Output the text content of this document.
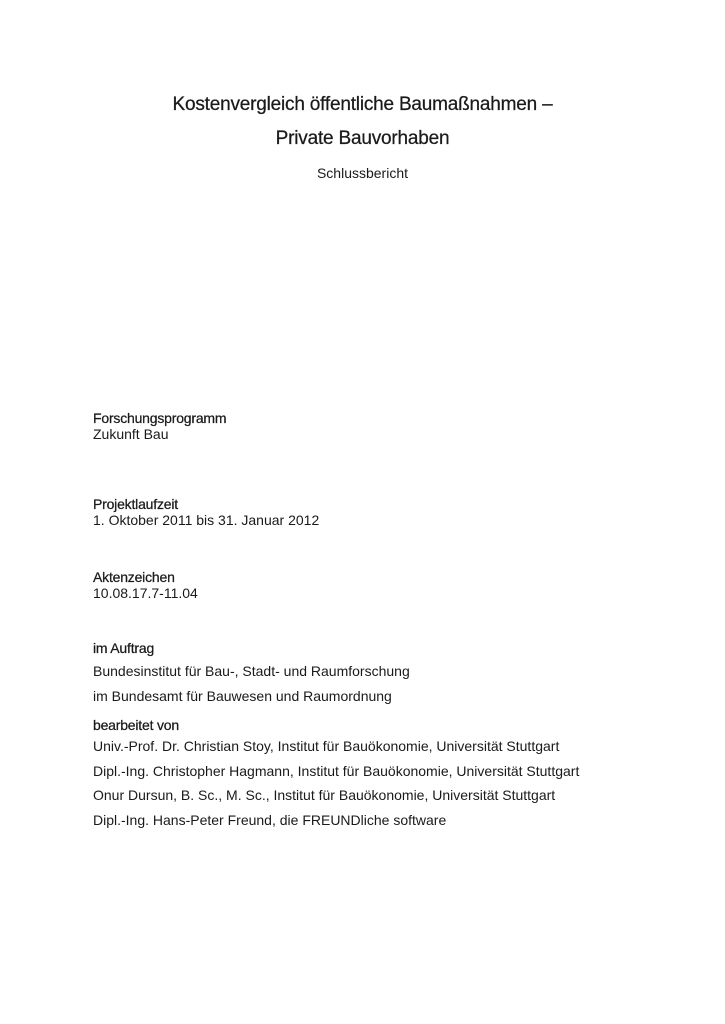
Kostenvergleich öffentliche Baumaßnahmen –

Private Bauvorhaben

Schlussbericht

Forschungsprogramm

Zukunft Bau

Projektlaufzeit

1. Oktober 2011 bis 31. Januar 2012

Aktenzeichen

10.08.17.7-11.04

im Auftrag

Bundesinstitut für Bau-, Stadt- und Raumforschung

im Bundesamt für Bauwesen und Raumordnung

bearbeitet von

Univ.-Prof. Dr. Christian Stoy, Institut für Bauökonomie, Universität Stuttgart

Dipl.-Ing. Christopher Hagmann, Institut für Bauökonomie, Universität Stuttgart

Onur Dursun, B. Sc., M. Sc., Institut für Bauökonomie, Universität Stuttgart

Dipl.-Ing. Hans-Peter Freund, die FREUNDliche software
